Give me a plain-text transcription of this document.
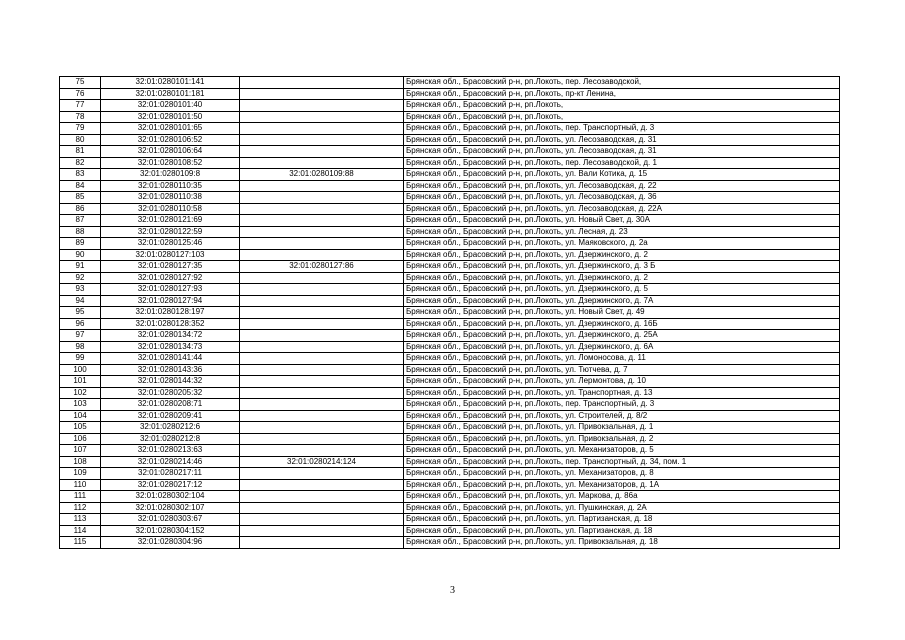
75	32:01:0280101:141		Брянская обл., Брасовский р-н, рп.Локоть, пер. Лесозаводской,
76	32:01:0280101:181		Брянская обл., Брасовский р-н, рп.Локоть, пр-кт Ленина,
77	32:01:0280101:40		Брянская обл., Брасовский р-н, рп.Локоть,
78	32:01:0280101:50		Брянская обл., Брасовский р-н, рп.Локоть,
79	32:01:0280101:65		Брянская обл., Брасовский р-н, рп.Локоть, пер. Транспортный, д. 3
80	32:01:0280106:52		Брянская обл., Брасовский р-н, рп.Локоть, ул. Лесозаводская, д. 31
81	32:01:0280106:64		Брянская обл., Брасовский р-н, рп.Локоть, ул. Лесозаводская, д. 31
82	32:01:0280108:52		Брянская обл., Брасовский р-н, рп.Локоть, пер. Лесозаводской, д. 1
83	32:01:0280109:8	32:01:0280109:88	Брянская обл., Брасовский р-н, рп.Локоть, ул. Вали Котика, д. 15
84	32:01:0280110:35		Брянская обл., Брасовский р-н, рп.Локоть, ул. Лесозаводская, д. 22
85	32:01:0280110:38		Брянская обл., Брасовский р-н, рп.Локоть, ул. Лесозаводская, д. 36
86	32:01:0280110:58		Брянская обл., Брасовский р-н, рп.Локоть, ул. Лесозаводская, д. 22А
87	32:01:0280121:69		Брянская обл., Брасовский р-н, рп.Локоть, ул. Новый Свет, д. 30А
88	32:01:0280122:59		Брянская обл., Брасовский р-н, рп.Локоть, ул. Лесная, д. 23
89	32:01:0280125:46		Брянская обл., Брасовский р-н, рп.Локоть, ул. Маяковского, д. 2а
90	32:01:0280127:103		Брянская обл., Брасовский р-н, рп.Локоть, ул. Дзержинского, д. 2
91	32:01:0280127:35	32:01:0280127:86	Брянская обл., Брасовский р-н, рп.Локоть, ул. Дзержинского, д. 3 Б
92	32:01:0280127:92		Брянская обл., Брасовский р-н, рп.Локоть, ул. Дзержинского, д. 2
93	32:01:0280127:93		Брянская обл., Брасовский р-н, рп.Локоть, ул. Дзержинского, д. 5
94	32:01:0280127:94		Брянская обл., Брасовский р-н, рп.Локоть, ул. Дзержинского, д. 7А
95	32:01:0280128:197		Брянская обл., Брасовский р-н, рп.Локоть, ул. Новый Свет, д. 49
96	32:01:0280128:352		Брянская обл., Брасовский р-н, рп.Локоть, ул. Дзержинского, д. 16Б
97	32:01:0280134:72		Брянская обл., Брасовский р-н, рп.Локоть, ул. Дзержинского, д. 25А
98	32:01:0280134:73		Брянская обл., Брасовский р-н, рп.Локоть, ул. Дзержинского, д. 6А
99	32:01:0280141:44		Брянская обл., Брасовский р-н, рп.Локоть, ул. Ломоносова, д. 11
100	32:01:0280143:36		Брянская обл., Брасовский р-н, рп.Локоть, ул. Тютчева, д. 7
101	32:01:0280144:32		Брянская обл., Брасовский р-н, рп.Локоть, ул. Лермонтова, д. 10
102	32:01:0280205:32		Брянская обл., Брасовский р-н, рп.Локоть, ул. Транспортная, д. 13
103	32:01:0280208:71		Брянская обл., Брасовский р-н, рп.Локоть, пер. Транспортный, д. 3
104	32:01:0280209:41		Брянская обл., Брасовский р-н, рп.Локоть, ул. Строителей, д. 8/2
105	32:01:0280212:6		Брянская обл., Брасовский р-н, рп.Локоть, ул. Привокзальная, д. 1
106	32:01:0280212:8		Брянская обл., Брасовский р-н, рп.Локоть, ул. Привокзальная, д. 2
107	32:01:0280213:63		Брянская обл., Брасовский р-н, рп.Локоть, ул. Механизаторов, д. 5
108	32:01:0280214:46	32:01:0280214:124	Брянская обл., Брасовский р-н, рп.Локоть, пер. Транспортный, д. 34, пом. 1
109	32:01:0280217:11		Брянская обл., Брасовский р-н, рп.Локоть, ул. Механизаторов, д. 8
110	32:01:0280217:12		Брянская обл., Брасовский р-н, рп.Локоть, ул. Механизаторов, д. 1А
111	32:01:0280302:104		Брянская обл., Брасовский р-н, рп.Локоть, ул. Маркова, д. 86а
112	32:01:0280302:107		Брянская обл., Брасовский р-н, рп.Локоть, ул. Пушкинская, д. 2А
113	32:01:0280303:67		Брянская обл., Брасовский р-н, рп.Локоть, ул. Партизанская, д. 18
114	32:01:0280304:152		Брянская обл., Брасовский р-н, рп.Локоть, ул. Партизанская, д. 18
115	32:01:0280304:96		Брянская обл., Брасовский р-н, рп.Локоть, ул. Привокзальная, д. 18
3
